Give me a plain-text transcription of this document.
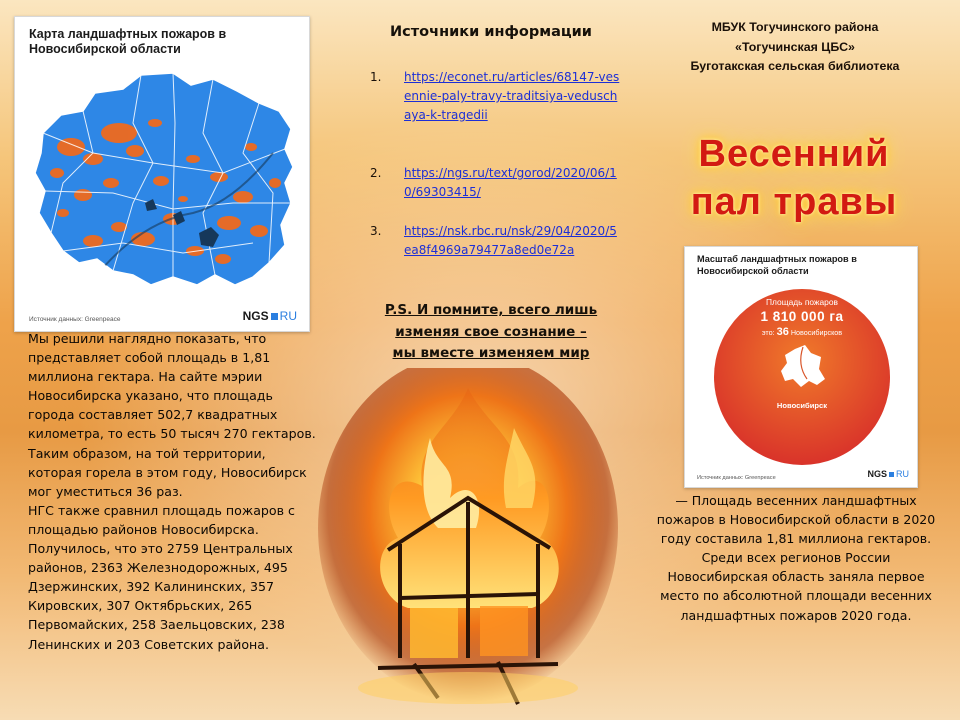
Карта ландшафтных пожаров в Новосибирской области
Источник данных: Greenpeace	NGS RU

Мы решили наглядно показать, что представляет собой площадь в 1,81 миллиона гектара. На сайте мэрии Новосибирска указано, что площадь города составляет 502,7 квадратных километра, то есть 50 тысяч 270 гектаров. Таким образом, на той территории, которая горела в этом году, Новосибирск мог уместиться 36 раз.

НГС также сравнил площадь пожаров с площадью районов Новосибирска. Получилось, что это 2759 Центральных районов, 2363 Железнодорожных, 495 Дзержинских, 392 Калининских, 357 Кировских, 307 Октябрьских, 265 Первомайских, 258 Заельцовских, 238 Ленинских и 203 Советских района.

Источники информации
1. https://econet.ru/articles/68147-vesennie-paly-travy-traditsiya-veduschaya-k-tragedii
2. https://ngs.ru/text/gorod/2020/06/10/69303415/
3. https://nsk.rbc.ru/nsk/29/04/2020/5ea8f4969a79477a8ed0e72a
P.S. И помните, всего лишь
изменяя свое сознание –
мы вместе изменяем мир
МБУК Тогучинского района
«Тогучинская ЦБС»
Буготакская сельская библиотека
Весенний
пал травы
Масштаб ландшафтных пожаров в Новосибирской области
Площадь пожаров
1 810 000 га
это: 36 Новосибирсков
Новосибирск
Источник данных: Greenpeace	NGS RU
— Площадь весенних ландшафтных пожаров в Новосибирской области в 2020 году составила 1,81 миллиона гектаров. Среди всех регионов России Новосибирская область заняла первое место по абсолютной площади весенних ландшафтных пожаров 2020 года.
